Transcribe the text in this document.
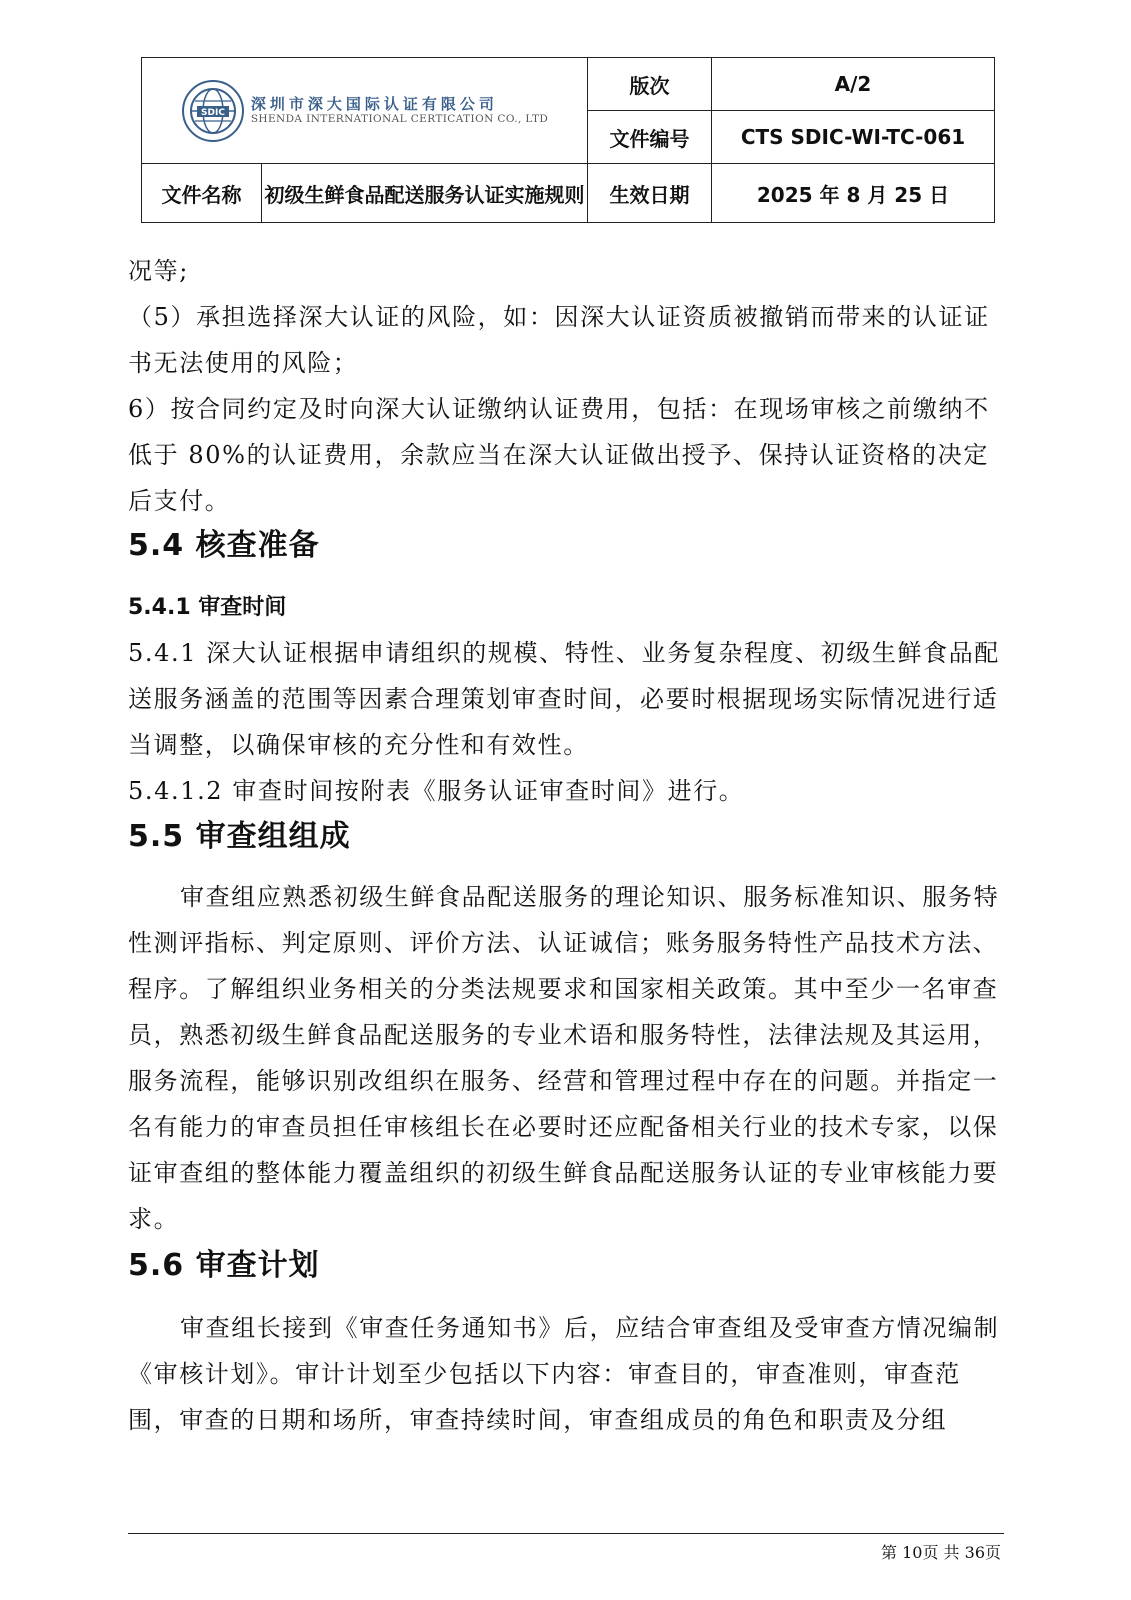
SDIC 深圳市深大国际认证有限公司
SHENDA INTERNATIONAL CERTICATION CO., LTD		版次	A/2
		文件编号	CTS SDIC-WI-TC-061
文件名称	初级生鲜食品配送服务认证实施规则	生效日期	2025 年 8 月 25 日

况等;

（5）承担选择深大认证的风险，如：因深大认证资质被撤销而带来的认证证书无法使用的风险；

6）按合同约定及时向深大认证缴纳认证费用，包括：在现场审核之前缴纳不低于 80%的认证费用，余款应当在深大认证做出授予、保持认证资格的决定后支付。

5.4 核查准备
5.4.1 审查时间

5.4.1 深大认证根据申请组织的规模、特性、业务复杂程度、初级生鲜食品配送服务涵盖的范围等因素合理策划审查时间，必要时根据现场实际情况进行适当调整，以确保审核的充分性和有效性。

5.4.1.2 审查时间按附表《服务认证审查时间》进行。

5.5 审查组组成

审查组应熟悉初级生鲜食品配送服务的理论知识、服务标准知识、服务特性测评指标、判定原则、评价方法、认证诚信；账务服务特性产品技术方法、程序。了解组织业务相关的分类法规要求和国家相关政策。其中至少一名审查员，熟悉初级生鲜食品配送服务的专业术语和服务特性，法律法规及其运用，服务流程，能够识别改组织在服务、经营和管理过程中存在的问题。并指定一名有能力的审查员担任审核组长在必要时还应配备相关行业的技术专家，以保证审查组的整体能力覆盖组织的初级生鲜食品配送服务认证的专业审核能力要求。

5.6 审查计划

审查组长接到《审查任务通知书》后，应结合审查组及受审查方情况编制《审核计划》。审计计划至少包括以下内容：审查目的，审查准则，审查范围，审查的日期和场所，审查持续时间，审查组成员的角色和职责及分组

第 10页 共 36页
